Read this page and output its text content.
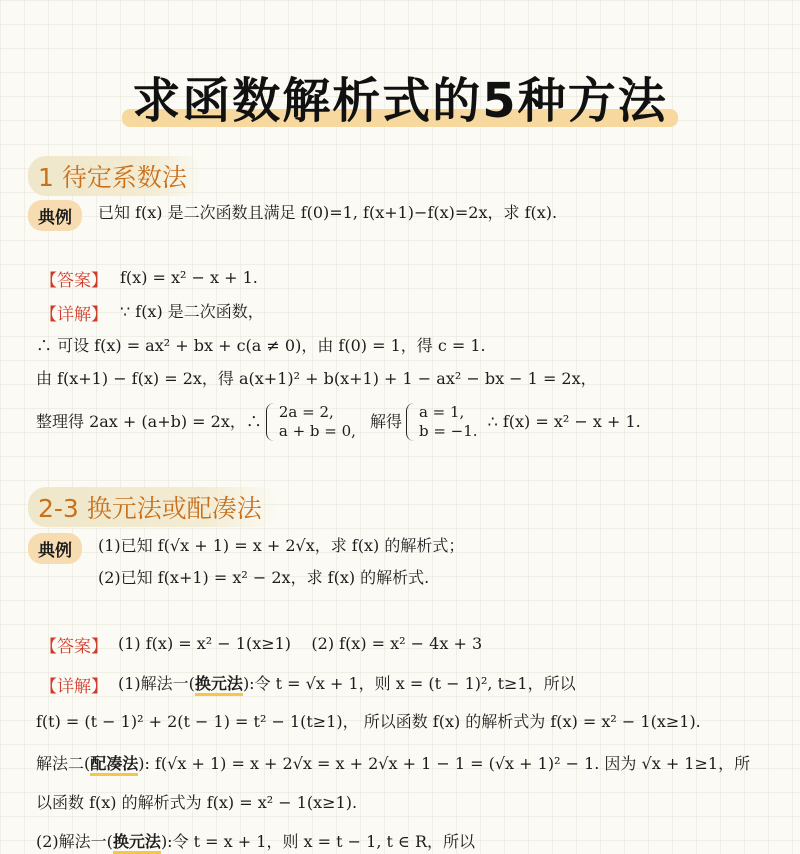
求函数解析式的5种方法
1 待定系数法
典例	已知 f(x) 是二次函数且满足 f(0)=1, f(x+1)−f(x)=2x，求 f(x).
【答案】 f(x) = x² − x + 1.
【详解】 ∵ f(x) 是二次函数，
∴ 可设 f(x) = ax² + bx + c(a ≠ 0)，由 f(0) = 1，得 c = 1.
由 f(x+1) − f(x) = 2x，得 a(x+1)² + b(x+1) + 1 − ax² − bx − 1 = 2x，
整理得 2ax + (a+b) = 2x，∴ 2a = 2,
a + b = 0, 解得 a = 1,
b = −1. ∴ f(x) = x² − x + 1.
2-3 换元法或配凑法
典例	(1)已知 f(√x + 1) = x + 2√x，求 f(x) 的解析式；
(2)已知 f(x+1) = x² − 2x，求 f(x) 的解析式.
【答案】 (1) f(x) = x² − 1(x≥1)    (2) f(x) = x² − 4x + 3
【详解】 (1)解法一(换元法):令 t = √x + 1，则 x = (t − 1)², t≥1，所以
f(t) = (t − 1)² + 2(t − 1) = t² − 1(t≥1)， 所以函数 f(x) 的解析式为 f(x) = x² − 1(x≥1).
解法二(配凑法): f(√x + 1) = x + 2√x = x + 2√x + 1 − 1 = (√x + 1)² − 1. 因为 √x + 1≥1，所
以函数 f(x) 的解析式为 f(x) = x² − 1(x≥1).
(2)解法一(换元法):令 t = x + 1，则 x = t − 1, t ∈ R，所以
